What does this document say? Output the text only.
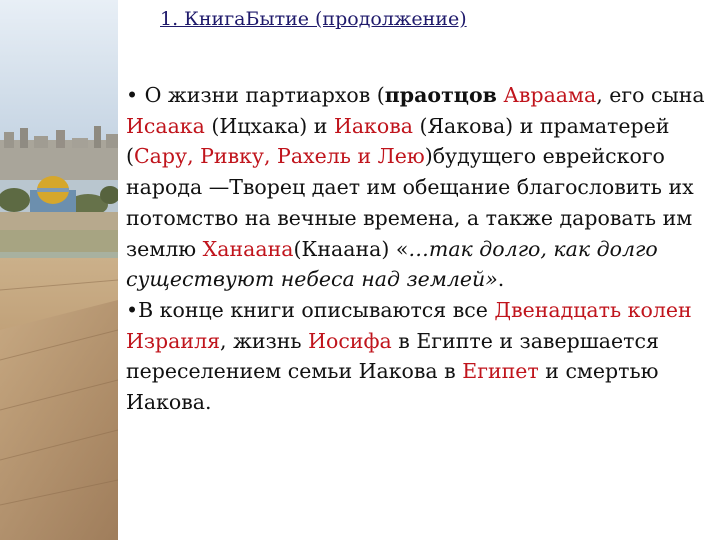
1. КнигаБытие (продолжение)

• О жизни партиархов (праотцов Авраама, его сына Исаака (Ицхака) и Иакова (Яакова) и праматерей (Сару, Ривку, Рахель и Лею)будущего еврейского народа —Творец дает им обещание благословить их потомство на вечные времена, а также даровать им землю Ханаана(Кнаана) «…так долго, как долго существуют небеса над землей».

•В конце книги описываются все Двенадцать колен Израиля, жизнь Иосифа в Египте и завершается переселением семьи Иакова в Египет и смертью Иакова.
